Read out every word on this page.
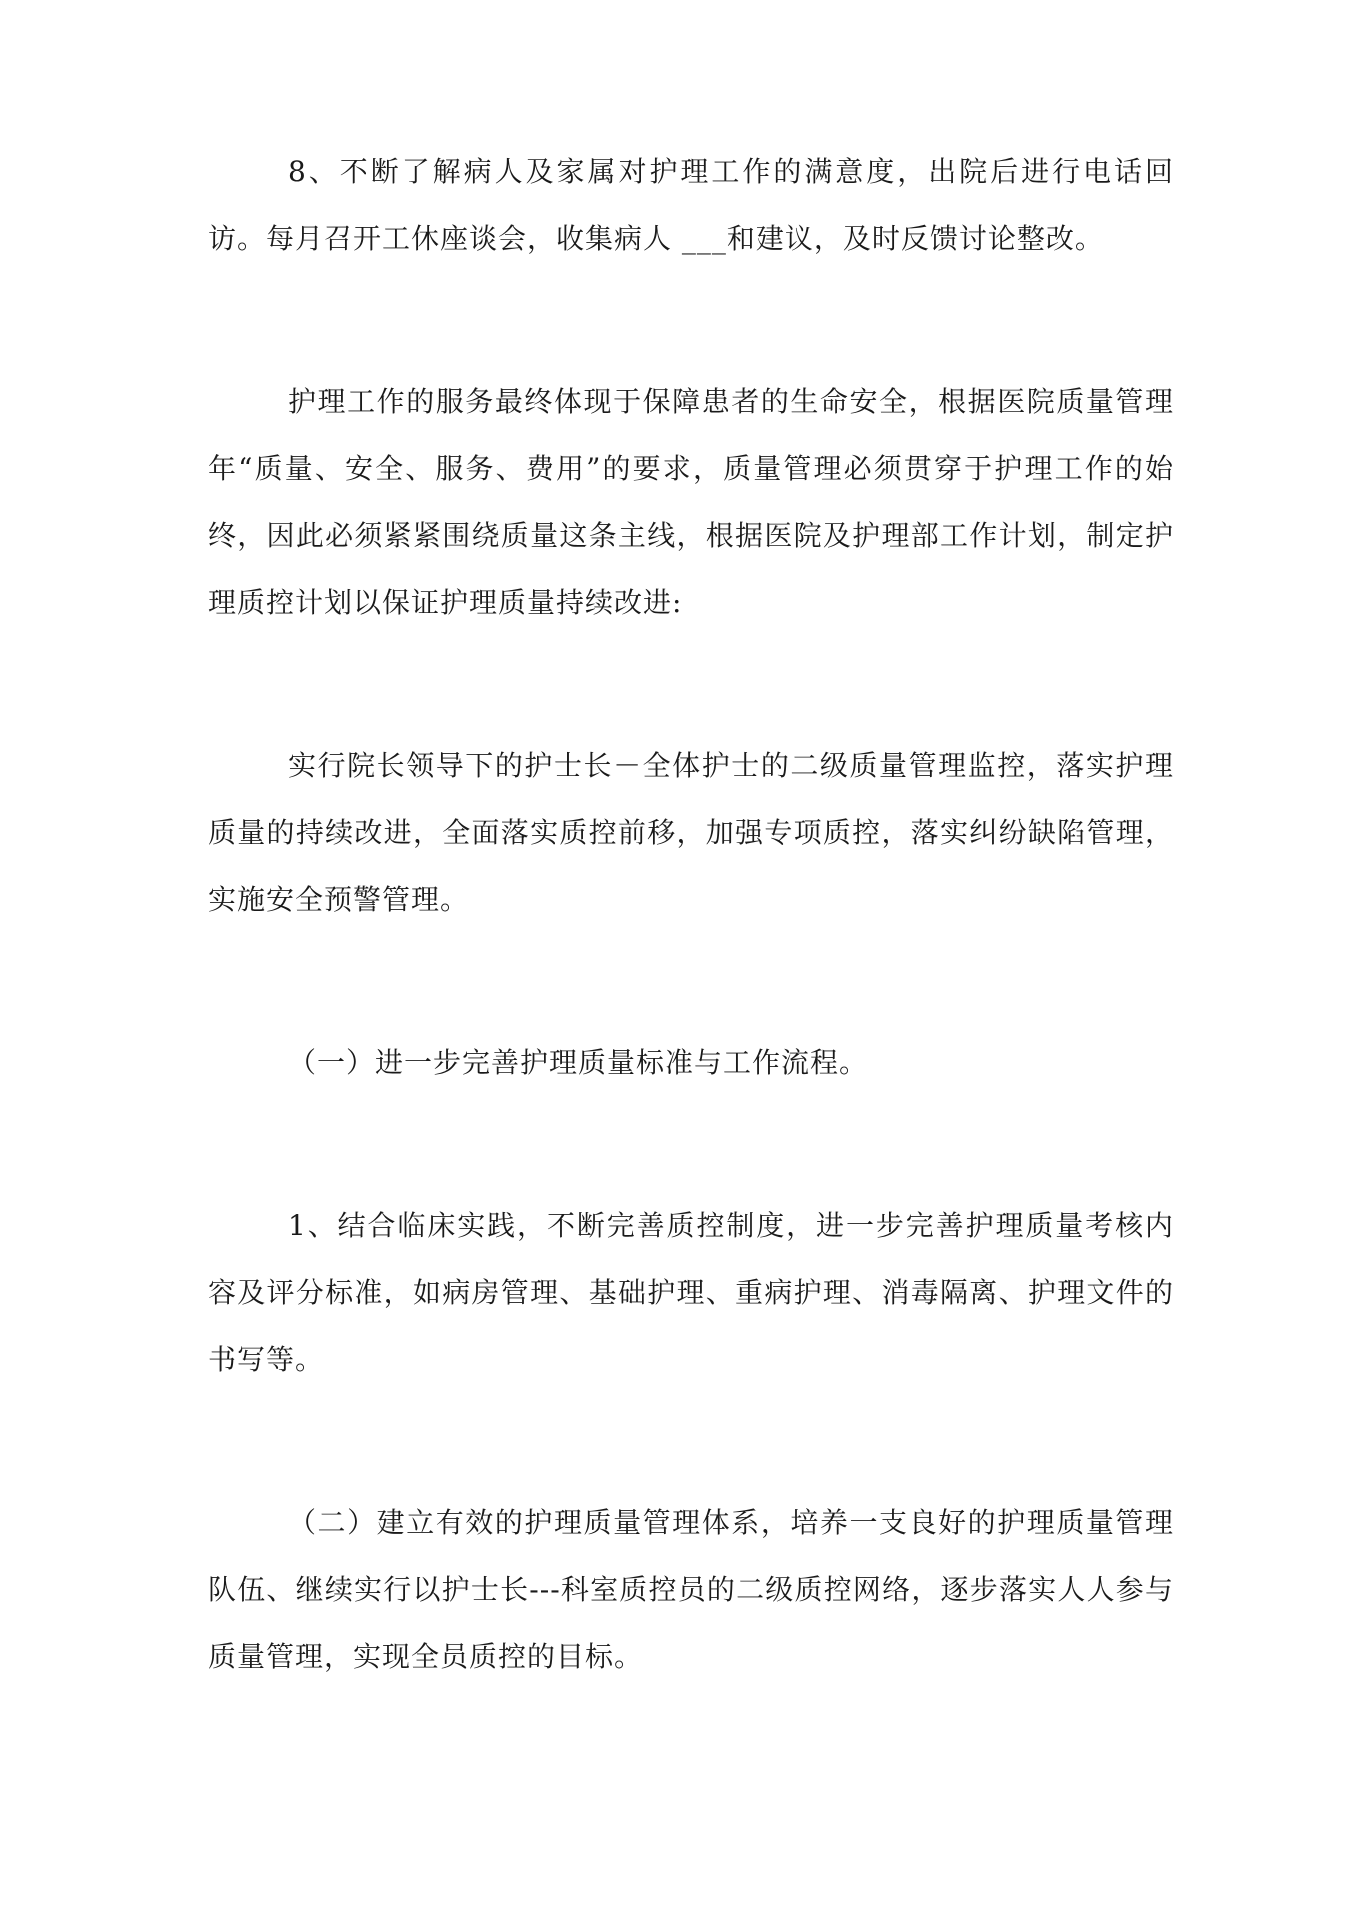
8、不断了解病人及家属对护理工作的满意度，出院后进行电话回访。每月召开工休座谈会，收集病人 ___和建议，及时反馈讨论整改。

护理工作的服务最终体现于保障患者的生命安全，根据医院质量管理年“质量、安全、服务、费用”的要求，质量管理必须贯穿于护理工作的始终，因此必须紧紧围绕质量这条主线，根据医院及护理部工作计划，制定护理质控计划以保证护理质量持续改进:

实行院长领导下的护士长－全体护士的二级质量管理监控，落实护理质量的持续改进，全面落实质控前移，加强专项质控，落实纠纷缺陷管理，实施安全预警管理。

（一）进一步完善护理质量标准与工作流程。

1、结合临床实践，不断完善质控制度，进一步完善护理质量考核内容及评分标准，如病房管理、基础护理、重病护理、消毒隔离、护理文件的书写等。

（二）建立有效的护理质量管理体系，培养一支良好的护理质量管理队伍、继续实行以护士长---科室质控员的二级质控网络，逐步落实人人参与质量管理，实现全员质控的目标。
